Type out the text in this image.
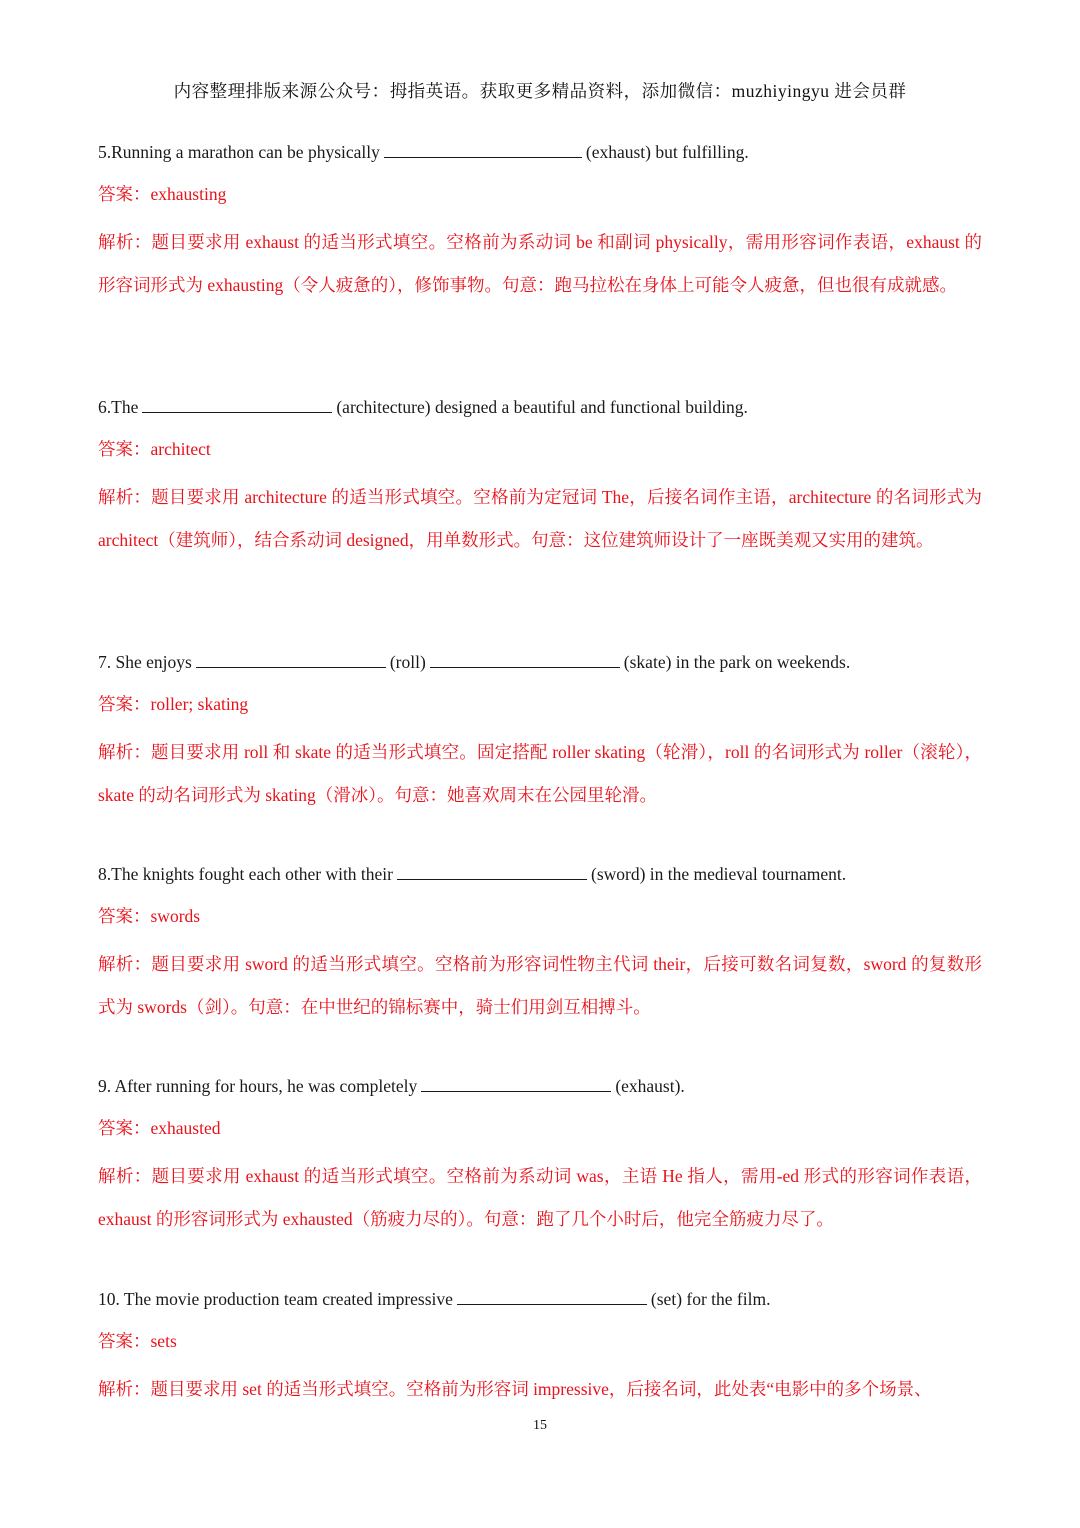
内容整理排版来源公众号：拇指英语。获取更多精品资料，添加微信：muzhiyingyu 进会员群
5.Running a marathon can be physically	(exhaust) but fulfilling.
答案：exhausting
解析：题目要求用 exhaust 的适当形式填空。空格前为系动词 be 和副词 physically，需用形容词作表语，exhaust 的形容词形式为 exhausting（令人疲惫的），修饰事物。句意：跑马拉松在身体上可能令人疲惫，但也很有成就感。
6.The	(architecture) designed a beautiful and functional building.
答案：architect
解析：题目要求用 architecture 的适当形式填空。空格前为定冠词 The，后接名词作主语，architecture 的名词形式为 architect（建筑师），结合系动词 designed，用单数形式。句意：这位建筑师设计了一座既美观又实用的建筑。
7. She enjoys	(roll)	(skate) in the park on weekends.
答案：roller; skating
解析：题目要求用 roll 和 skate 的适当形式填空。固定搭配 roller skating（轮滑），roll 的名词形式为 roller（滚轮），skate 的动名词形式为 skating（滑冰）。句意：她喜欢周末在公园里轮滑。
8.The knights fought each other with their	(sword) in the medieval tournament.
答案：swords
解析：题目要求用 sword 的适当形式填空。空格前为形容词性物主代词 their，后接可数名词复数，sword 的复数形式为 swords（剑）。句意：在中世纪的锦标赛中，骑士们用剑互相搏斗。
9. After running for hours, he was completely	(exhaust).
答案：exhausted
解析：题目要求用 exhaust 的适当形式填空。空格前为系动词 was，主语 He 指人，需用-ed 形式的形容词作表语，exhaust 的形容词形式为 exhausted（筋疲力尽的）。句意：跑了几个小时后，他完全筋疲力尽了。
10. The movie production team created impressive	(set) for the film.
答案：sets
解析：题目要求用 set 的适当形式填空。空格前为形容词 impressive，后接名词，此处表“电影中的多个场景、
15
